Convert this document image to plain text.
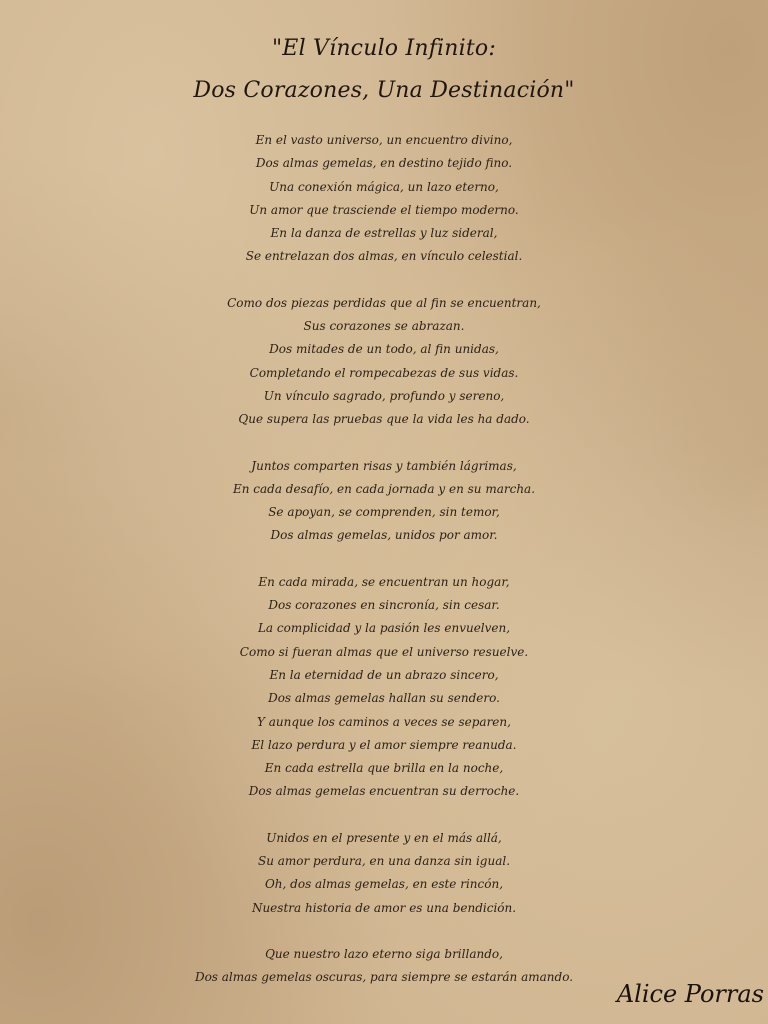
"El Vínculo Infinito:
Dos Corazones, Una Destinación"
En el vasto universo, un encuentro divino,
Dos almas gemelas, en destino tejido fino.
Una conexión mágica, un lazo eterno,
Un amor que trasciende el tiempo moderno.
En la danza de estrellas y luz sideral,
Se entrelazan dos almas, en vínculo celestial.
Como dos piezas perdidas que al fin se encuentran,
Sus corazones se abrazan.
Dos mitades de un todo, al fin unidas,
Completando el rompecabezas de sus vidas.
Un vínculo sagrado, profundo y sereno,
Que supera las pruebas que la vida les ha dado.
Juntos comparten risas y también lágrimas,
En cada desafío, en cada jornada y en su marcha.
Se apoyan, se comprenden, sin temor,
Dos almas gemelas, unidos por amor.
En cada mirada, se encuentran un hogar,
Dos corazones en sincronía, sin cesar.
La complicidad y la pasión les envuelven,
Como si fueran almas que el universo resuelve.
En la eternidad de un abrazo sincero,
Dos almas gemelas hallan su sendero.
Y aunque los caminos a veces se separen,
El lazo perdura y el amor siempre reanuda.
En cada estrella que brilla en la noche,
Dos almas gemelas encuentran su derroche.
Unidos en el presente y en el más allá,
Su amor perdura, en una danza sin igual.
Oh, dos almas gemelas, en este rincón,
Nuestra historia de amor es una bendición.
Que nuestro lazo eterno siga brillando,
Dos almas gemelas oscuras, para siempre se estarán amando.
Alice Porras
